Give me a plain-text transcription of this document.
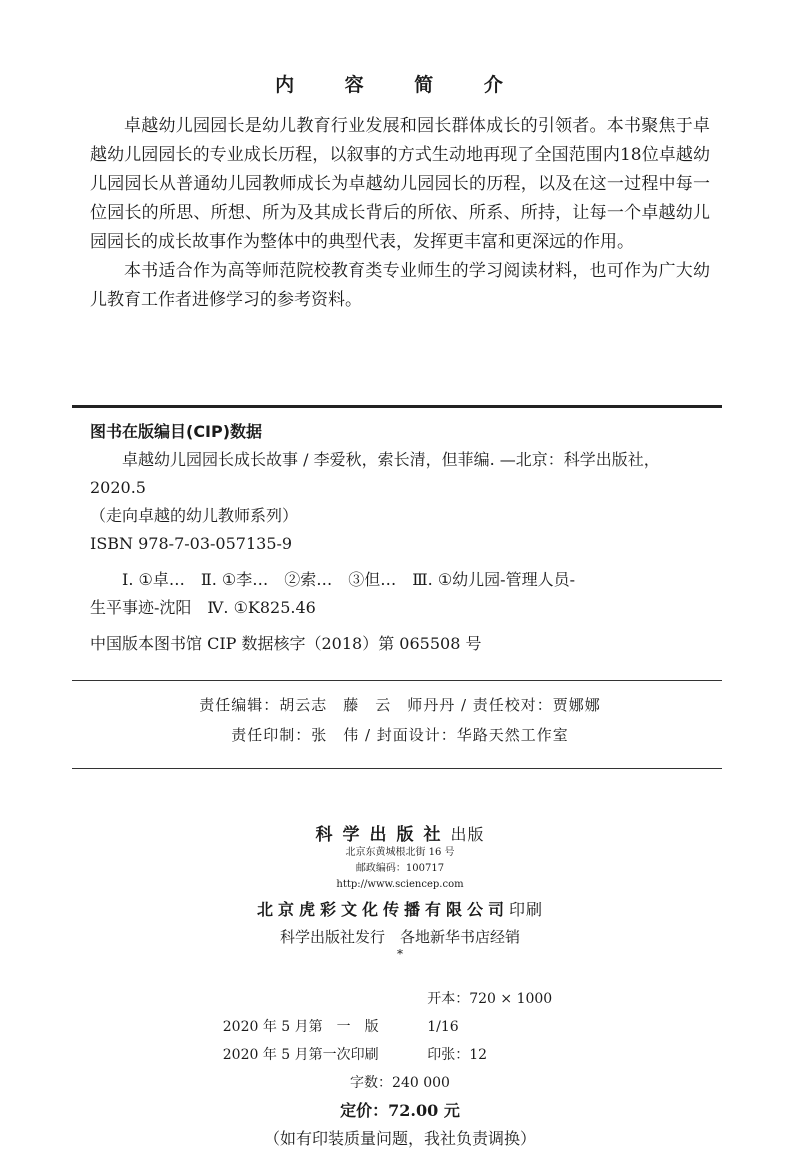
内 容 简 介

卓越幼儿园园长是幼儿教育行业发展和园长群体成长的引领者。本书聚焦于卓越幼儿园园长的专业成长历程，以叙事的方式生动地再现了全国范围内18位卓越幼儿园园长从普通幼儿园教师成长为卓越幼儿园园长的历程，以及在这一过程中每一位园长的所思、所想、所为及其成长背后的所依、所系、所持，让每一个卓越幼儿园园长的成长故事作为整体中的典型代表，发挥更丰富和更深远的作用。

本书适合作为高等师范院校教育类专业师生的学习阅读材料，也可作为广大幼儿教育工作者进修学习的参考资料。

图书在版编目(CIP)数据
卓越幼儿园园长成长故事 / 李爱秋，索长清，但菲编. —北京：科学出版社，
2020.5
（走向卓越的幼儿教师系列）
ISBN 978-7-03-057135-9
Ⅰ. ①卓…　Ⅱ. ①李…　②索…　③但…　Ⅲ. ①幼儿园-管理人员-
生平事迹-沈阳　Ⅳ. ①K825.46
中国版本图书馆 CIP 数据核字（2018）第 065508 号
责任编辑：胡云志　藤　云　师丹丹 / 责任校对：贾娜娜
责任印制：张　伟 / 封面设计：华路天然工作室
科学出版社出版
北京东黄城根北街 16 号
邮政编码：100717
http://www.sciencep.com
北京虎彩文化传播有限公司印刷
科学出版社发行　各地新华书店经销
*
2020 年 5 月第　一　版 开本：720 × 1000　1/16
2020 年 5 月第一次印刷	印张：12
字数：240 000
定价：72.00 元
（如有印装质量问题，我社负责调换）
